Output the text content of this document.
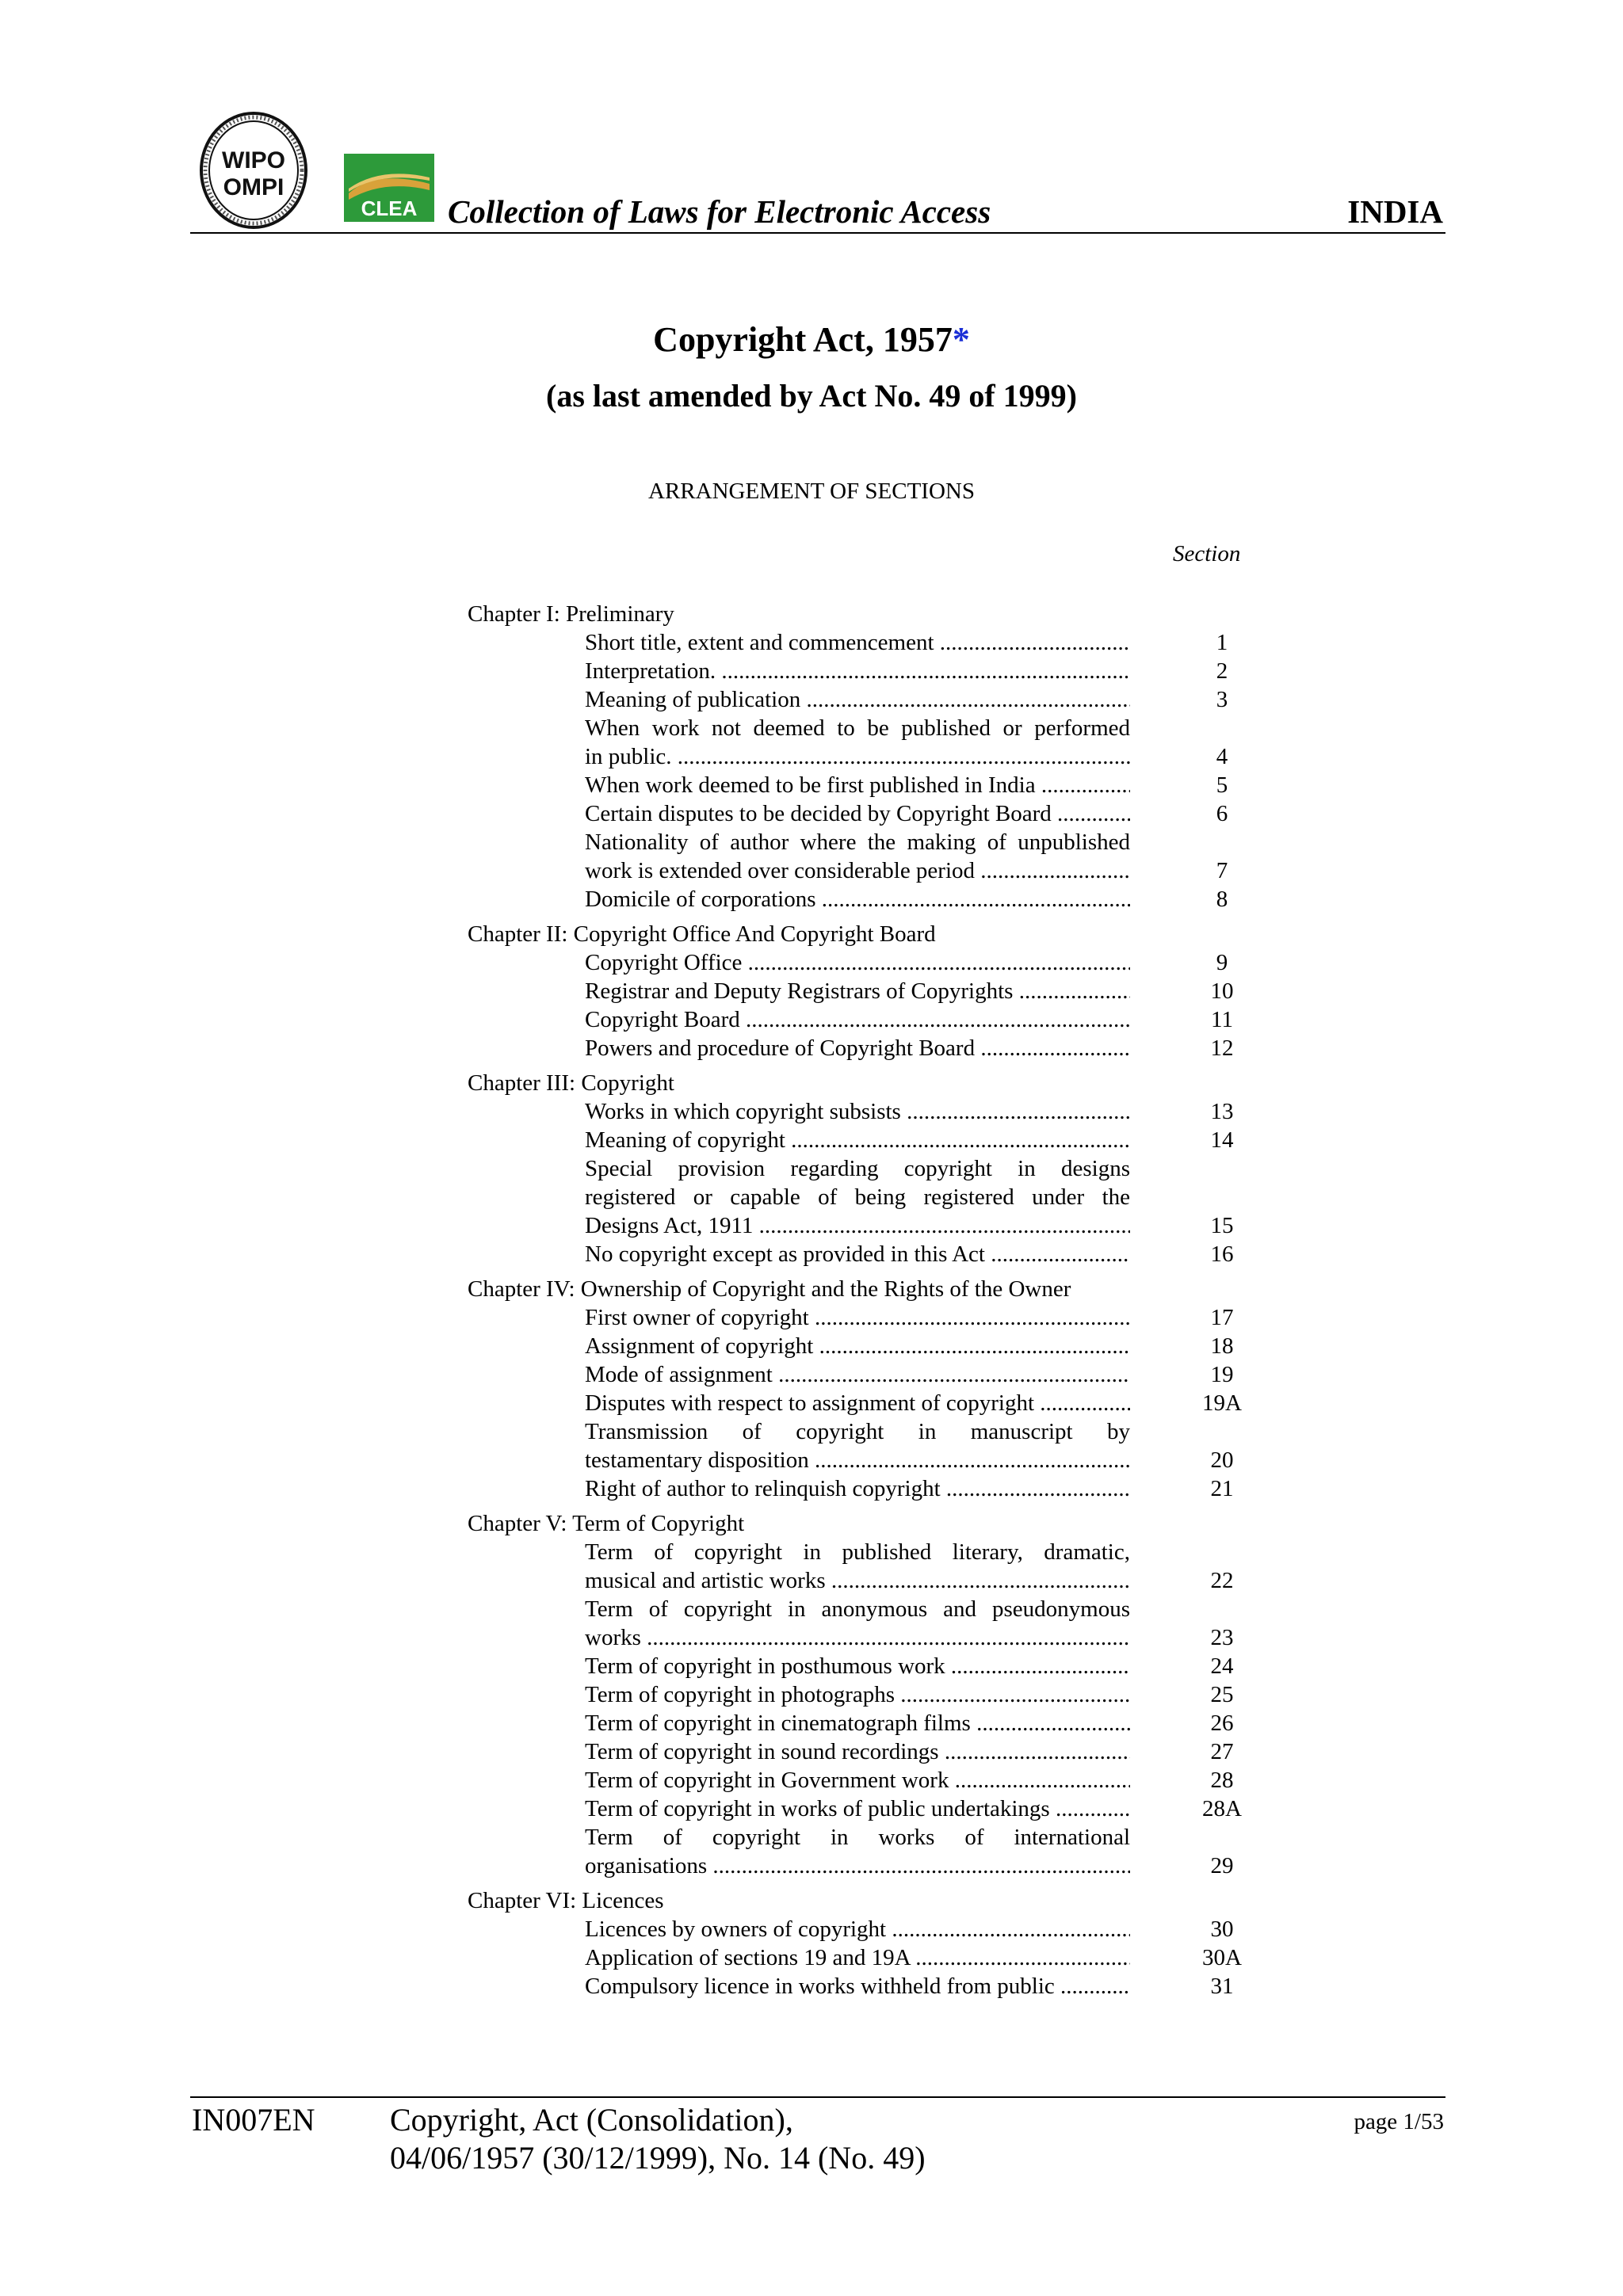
WIPO
OMPI
CLEA Collection of Laws for Electronic Access	INDIA
Copyright Act, 1957*
(as last amended by Act No. 49 of 1999)
ARRANGEMENT OF SECTIONS
Section
Chapter I: Preliminary
Short title, extent and commencement .....	1
Interpretation. .....	2
Meaning of publication .....	3
When work not deemed to be published or performed
in public. .....	4
When work deemed to be first published in India .....	5
Certain disputes to be decided by Copyright Board .....	6
Nationality of author where the making of unpublished
work is extended over considerable period .....	7
Domicile of corporations .....	8
Chapter II: Copyright Office And Copyright Board
Copyright Office .....	9
Registrar and Deputy Registrars of Copyrights .....	10
Copyright Board .....	11
Powers and procedure of Copyright Board .....	12
Chapter III: Copyright
Works in which copyright subsists .....	13
Meaning of copyright .....	14
Special provision regarding copyright in designs
registered or capable of being registered under the
Designs Act, 1911 .....	15
No copyright except as provided in this Act .....	16
Chapter IV: Ownership of Copyright and the Rights of the Owner
First owner of copyright .....	17
Assignment of copyright .....	18
Mode of assignment .....	19
Disputes with respect to assignment of copyright .....	19A
Transmission of copyright in manuscript by
testamentary disposition .....	20
Right of author to relinquish copyright .....	21
Chapter V: Term of Copyright
Term of copyright in published literary, dramatic,
musical and artistic works .....	22
Term of copyright in anonymous and pseudonymous
works .....	23
Term of copyright in posthumous work .....	24
Term of copyright in photographs .....	25
Term of copyright in cinematograph films .....	26
Term of copyright in sound recordings .....	27
Term of copyright in Government work .....	28
Term of copyright in works of public undertakings .....	28A
Term of copyright in works of international
organisations .....	29
Chapter VI: Licences
Licences by owners of copyright .....	30
Application of sections 19 and 19A .....	30A
Compulsory licence in works withheld from public .....	31
IN007EN Copyright, Act (Consolidation),
04/06/1957 (30/12/1999), No. 14 (No. 49)
page 1/53
